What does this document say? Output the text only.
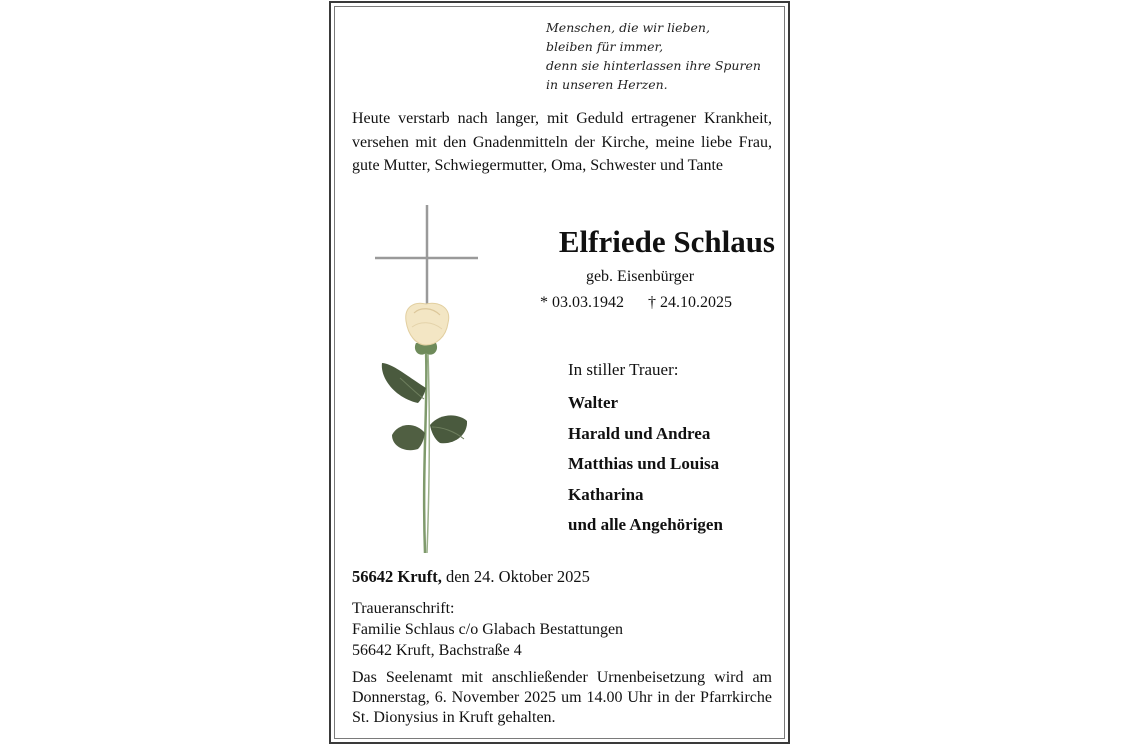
Menschen, die wir lieben,
bleiben für immer,
denn sie hinterlassen ihre Spuren
in unseren Herzen.
Heute verstarb nach langer, mit Geduld ertragener Krankheit, versehen mit den Gnadenmitteln der Kirche, meine liebe Frau, gute Mutter, Schwiegermutter, Oma, Schwester und Tante
Elfriede Schlaus
geb. Eisenbürger
* 03.03.1942 † 24.10.2025
In stiller Trauer:
Walter
Harald und Andrea
Matthias und Louisa
Katharina
und alle Angehörigen
56642 Kruft, den 24. Oktober 2025
Traueranschrift:
Familie Schlaus c/o Glabach Bestattungen
56642 Kruft, Bachstraße 4
Das Seelenamt mit anschließender Urnenbeisetzung wird am Donnerstag, 6. November 2025 um 14.00 Uhr in der Pfarrkirche St. Dionysius in Kruft gehalten.
